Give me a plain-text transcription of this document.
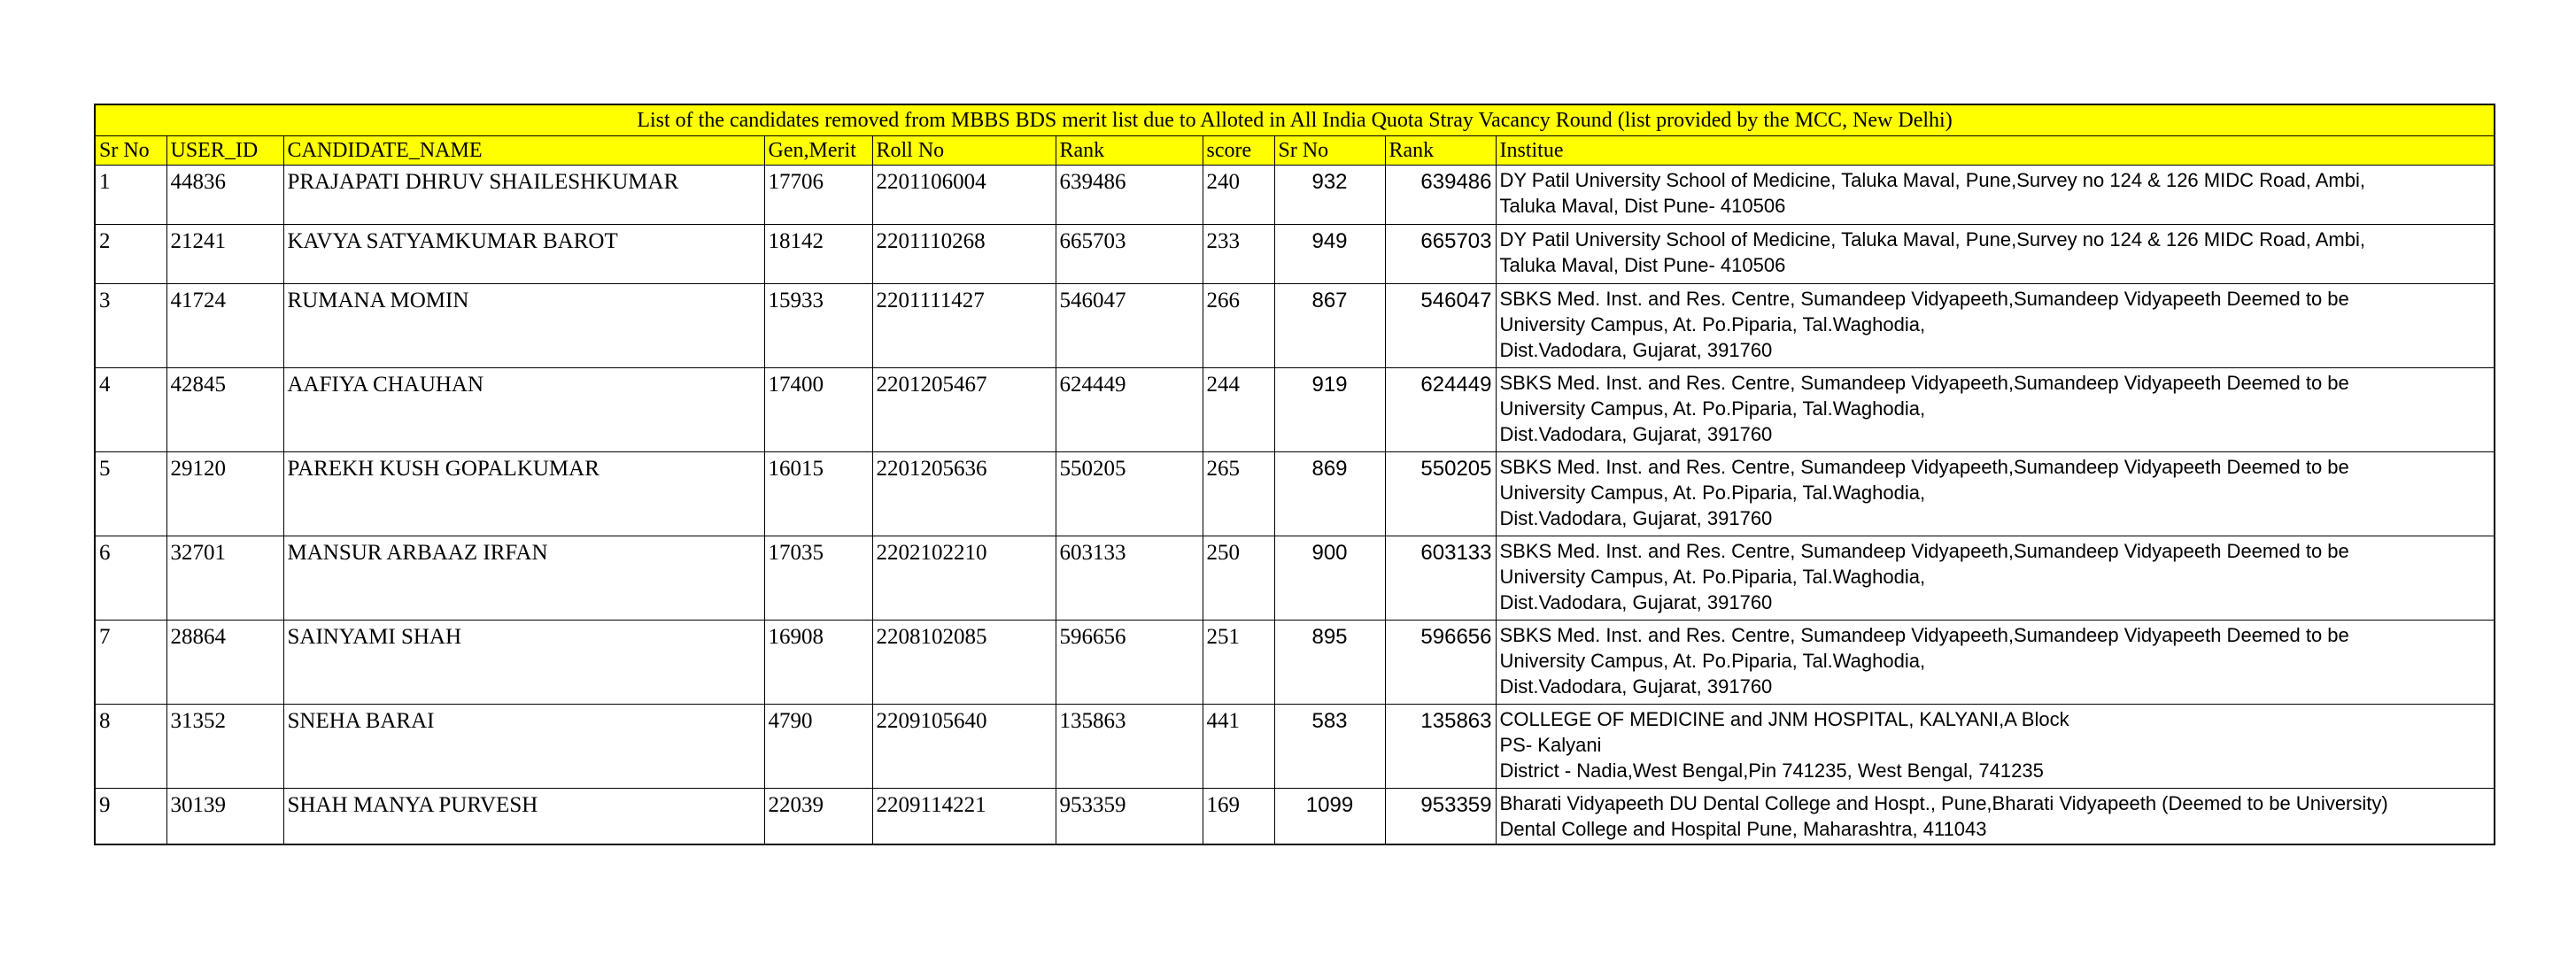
List of the candidates removed from MBBS BDS merit list due to Alloted in All India Quota Stray Vacancy Round (list provided by the MCC, New Delhi)									
Sr No	USER_ID	CANDIDATE_NAME	Gen,Merit	Roll No	Rank	score	Sr No	Rank	Institue
1	44836	PRAJAPATI DHRUV SHAILESHKUMAR	17706	2201106004	639486	240	932	639486	DY Patil University School of Medicine, Taluka Maval, Pune,Survey no 124 & 126 MIDC Road, Ambi,
Taluka Maval, Dist Pune- 410506

2	21241	KAVYA SATYAMKUMAR BAROT	18142	2201110268	665703	233	949	665703	DY Patil University School of Medicine, Taluka Maval, Pune,Survey no 124 & 126 MIDC Road, Ambi,
Taluka Maval, Dist Pune- 410506

3	41724	RUMANA MOMIN	15933	2201111427	546047	266	867	546047	SBKS Med. Inst. and Res. Centre, Sumandeep Vidyapeeth,Sumandeep Vidyapeeth Deemed to be
University Campus, At. Po.Piparia, Tal.Waghodia,
Dist.Vadodara, Gujarat, 391760

4	42845	AAFIYA CHAUHAN	17400	2201205467	624449	244	919	624449	SBKS Med. Inst. and Res. Centre, Sumandeep Vidyapeeth,Sumandeep Vidyapeeth Deemed to be
University Campus, At. Po.Piparia, Tal.Waghodia,
Dist.Vadodara, Gujarat, 391760

5	29120	PAREKH KUSH GOPALKUMAR	16015	2201205636	550205	265	869	550205	SBKS Med. Inst. and Res. Centre, Sumandeep Vidyapeeth,Sumandeep Vidyapeeth Deemed to be
University Campus, At. Po.Piparia, Tal.Waghodia,
Dist.Vadodara, Gujarat, 391760

6	32701	MANSUR ARBAAZ IRFAN	17035	2202102210	603133	250	900	603133	SBKS Med. Inst. and Res. Centre, Sumandeep Vidyapeeth,Sumandeep Vidyapeeth Deemed to be
University Campus, At. Po.Piparia, Tal.Waghodia,
Dist.Vadodara, Gujarat, 391760

7	28864	SAINYAMI SHAH	16908	2208102085	596656	251	895	596656	SBKS Med. Inst. and Res. Centre, Sumandeep Vidyapeeth,Sumandeep Vidyapeeth Deemed to be
University Campus, At. Po.Piparia, Tal.Waghodia,
Dist.Vadodara, Gujarat, 391760

8	31352	SNEHA BARAI	4790	2209105640	135863	441	583	135863	COLLEGE OF MEDICINE and JNM HOSPITAL, KALYANI,A Block
PS- Kalyani
District - Nadia,West Bengal,Pin 741235, West Bengal, 741235

9	30139	SHAH MANYA PURVESH	22039	2209114221	953359	169	1099	953359	Bharati Vidyapeeth DU Dental College and Hospt., Pune,Bharati Vidyapeeth (Deemed to be University)
Dental College and Hospital Pune, Maharashtra, 411043
